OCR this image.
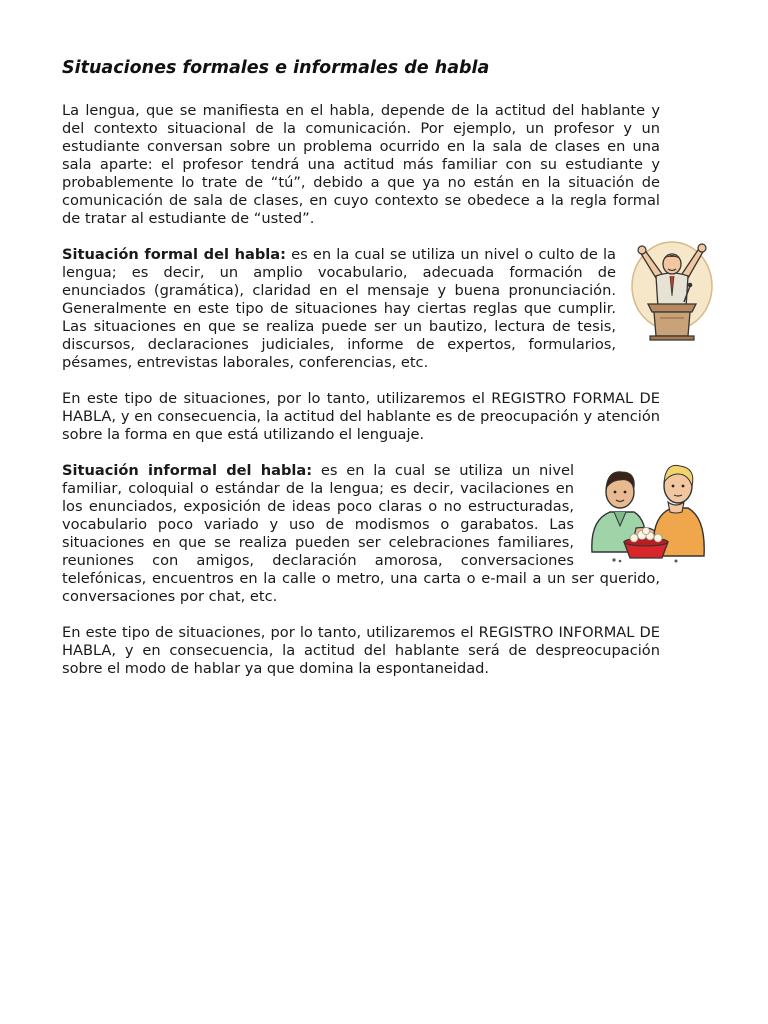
Situaciones formales e informales de habla

La lengua, que se manifiesta en el habla, depende de la actitud del hablante y del contexto situacional de la comunicación. Por ejemplo, un profesor y un estudiante conversan sobre un problema ocurrido en la sala de clases en una sala aparte: el profesor tendrá una actitud más familiar con su estudiante y probablemente lo trate de “tú”, debido a que ya no están en la situación de comunicación de sala de clases, en cuyo contexto se obedece a la regla formal de tratar al estudiante de “usted”.

Situación formal del habla: es en la cual se utiliza un nivel o culto de la lengua; es decir, un amplio vocabulario, adecuada formación de enunciados (gramática), claridad en el mensaje y buena pronunciación. Generalmente en este tipo de situaciones hay ciertas reglas que cumplir. Las situaciones en que se realiza puede ser un bautizo, lectura de tesis, discursos, declaraciones judiciales, informe de expertos, formularios, pésames, entrevistas laborales, conferencias, etc.

En este tipo de situaciones, por lo tanto, utilizaremos el REGISTRO FORMAL DE HABLA, y en consecuencia, la actitud del hablante es de preocupación y atención sobre la forma en que está utilizando el lenguaje.

Situación informal del habla: es en la cual se utiliza un nivel familiar, coloquial o estándar de la lengua; es decir, vacilaciones en los enunciados, exposición de ideas poco claras o no estructuradas, vocabulario poco variado y uso de modismos o garabatos. Las situaciones en que se realiza pueden ser celebraciones familiares, reuniones con amigos, declaración amorosa, conversaciones telefónicas, encuentros en la calle o metro, una carta o e-mail a un ser querido, conversaciones por chat, etc.

En este tipo de situaciones, por lo tanto, utilizaremos el REGISTRO INFORMAL DE HABLA, y en consecuencia, la actitud del hablante será de despreocupación sobre el modo de hablar ya que domina la espontaneidad.
